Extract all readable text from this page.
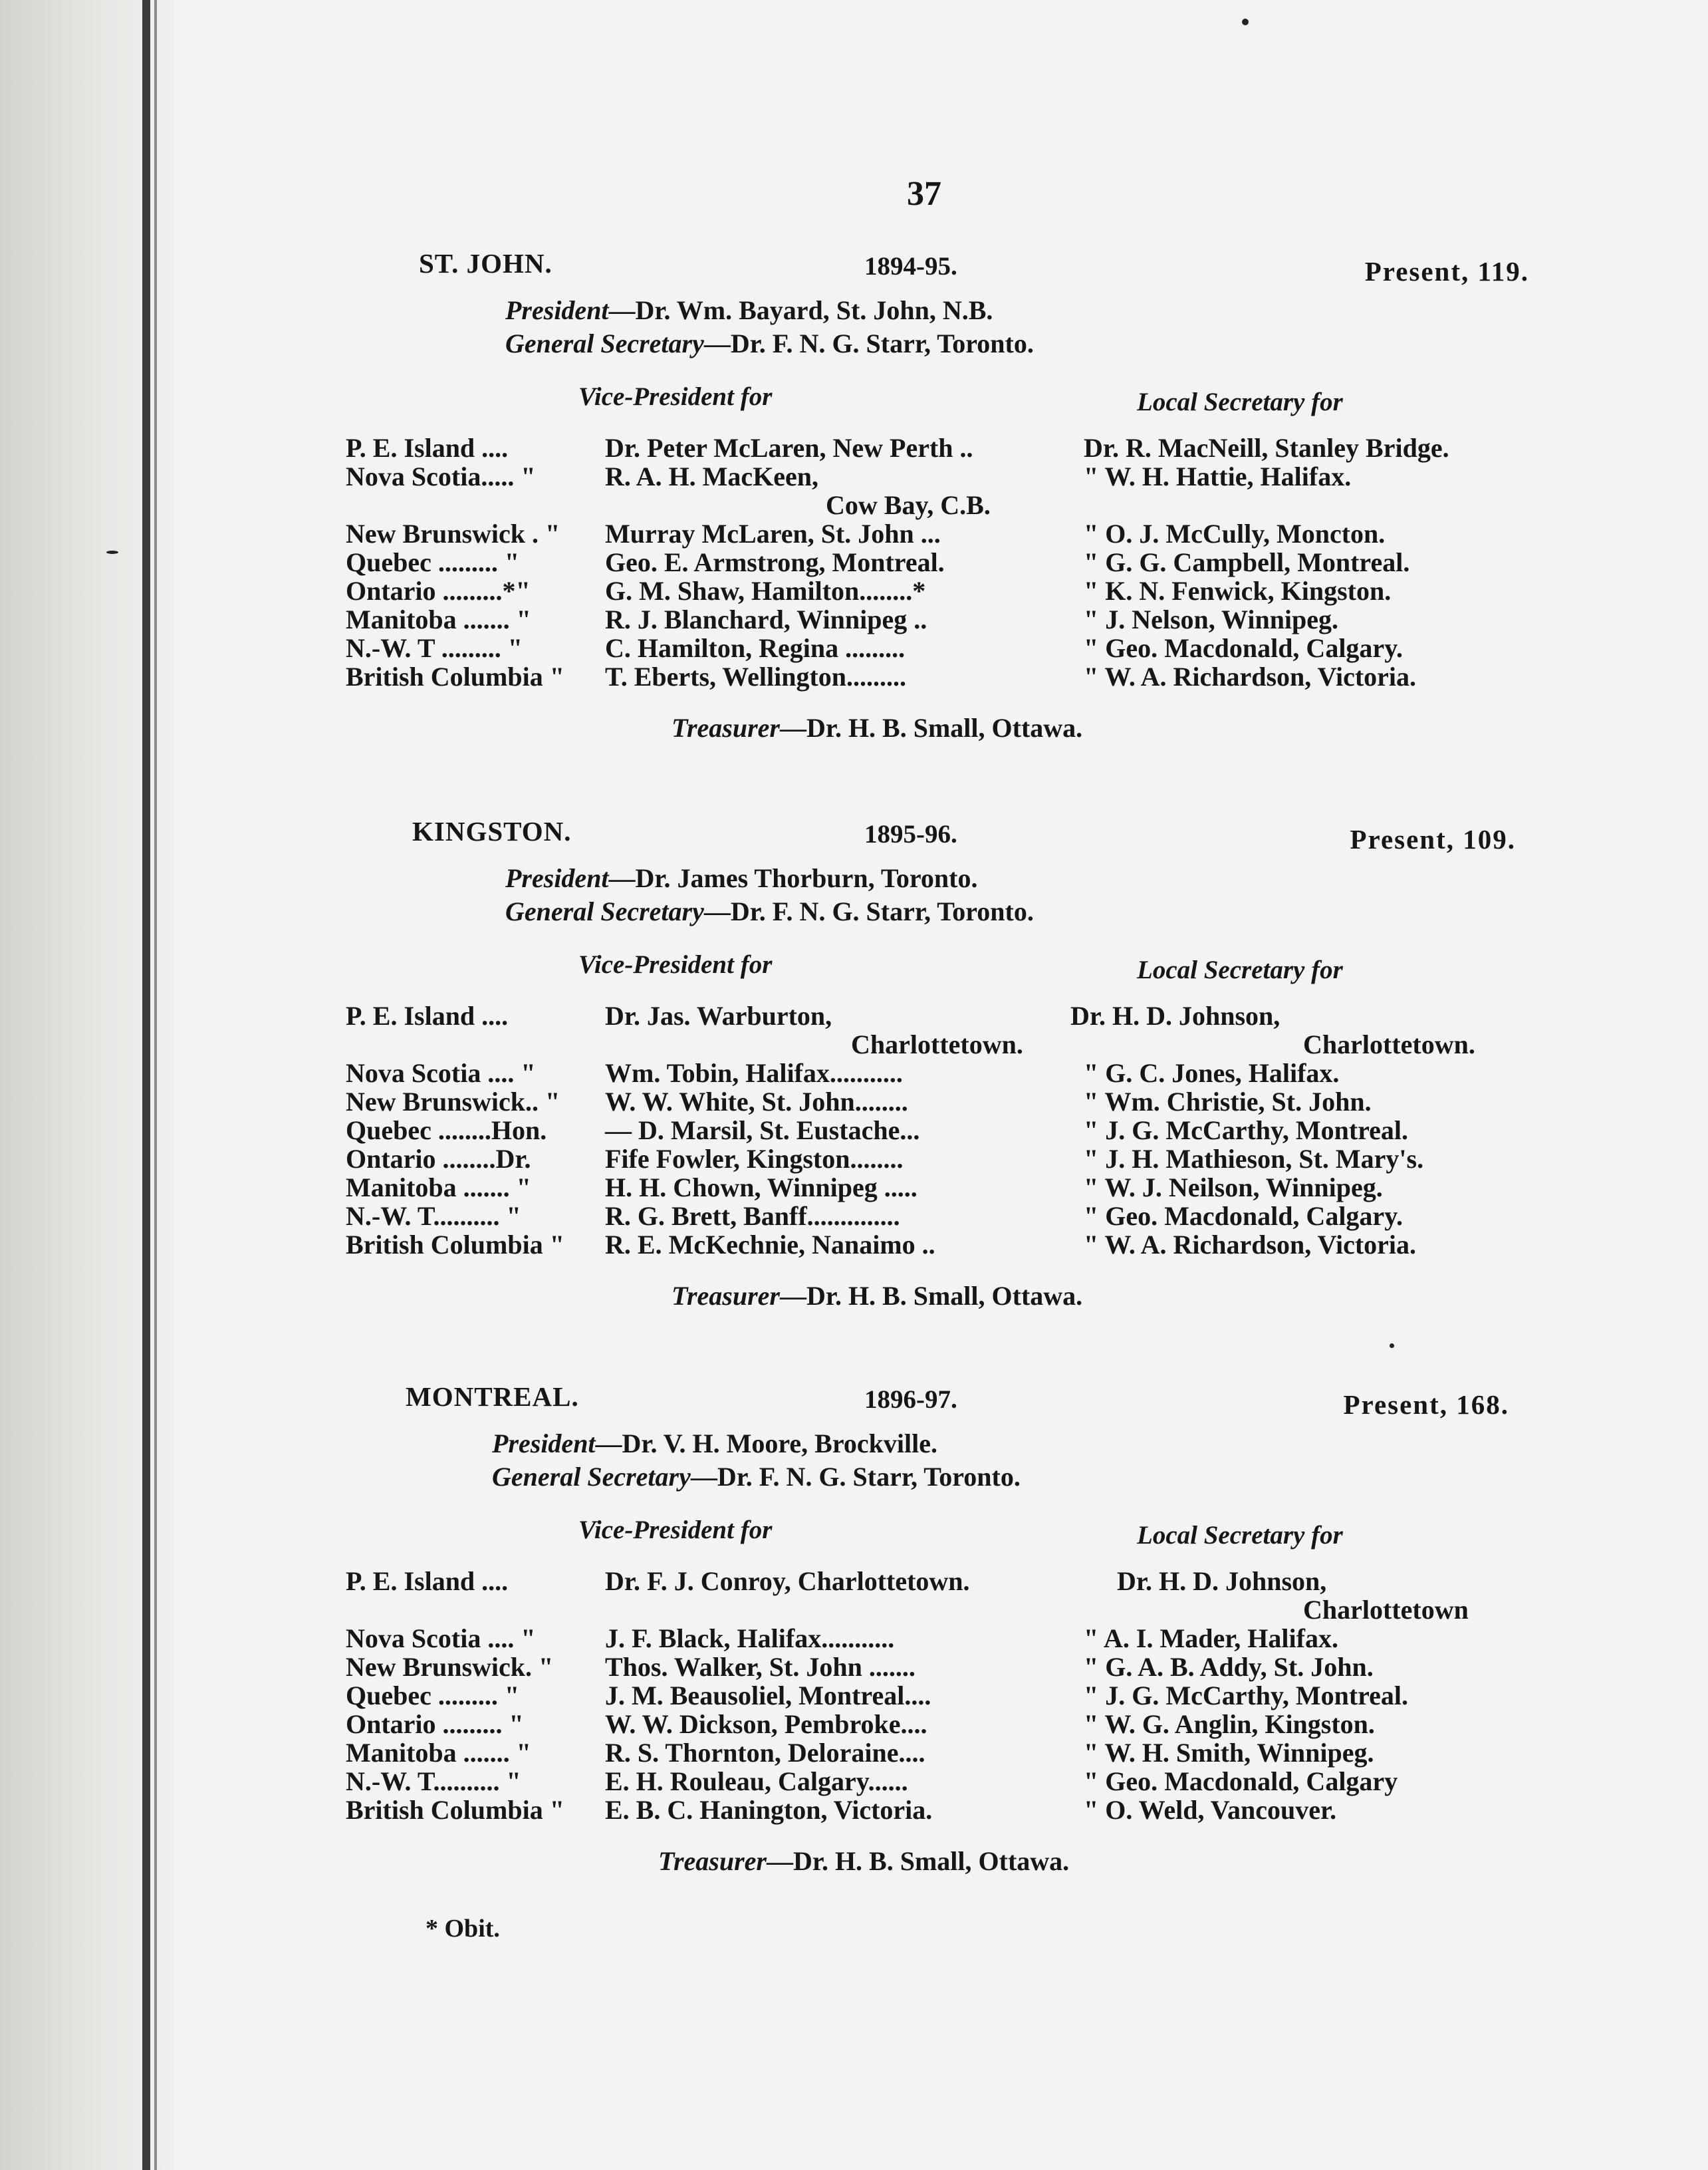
37
ST. JOHN.	1894-95.	Present, 119.
President—Dr. Wm. Bayard, St. John, N.B.
General Secretary—Dr. F. N. G. Starr, Toronto.
Vice-President for	Local Secretary for
P. E. Island ....	Dr. Peter McLaren, New Perth ..	Dr. R. MacNeill, Stanley Bridge.
Nova Scotia..... "	R. A. H. MacKeen,	" W. H. Hattie, Halifax.
Cow Bay, C.B.
New Brunswick . " Murray McLaren, St. John ...	" O. J. McCully, Moncton.
Quebec ......... "	Geo. E. Armstrong, Montreal.	" G. G. Campbell, Montreal.
Ontario .........*"	G. M. Shaw, Hamilton........*	" K. N. Fenwick, Kingston.
Manitoba ....... "	R. J. Blanchard, Winnipeg ..	" J. Nelson, Winnipeg.
N.-W. T ......... "	C. Hamilton, Regina .........	" Geo. Macdonald, Calgary.
British Columbia " T. Eberts, Wellington.........	" W. A. Richardson, Victoria.
Treasurer—Dr. H. B. Small, Ottawa.
KINGSTON.	1895-96.	Present, 109.
President—Dr. James Thorburn, Toronto.
General Secretary—Dr. F. N. G. Starr, Toronto.
Vice-President for	Local Secretary for
P. E. Island ....	Dr. Jas. Warburton,	Dr. H. D. Johnson,
Charlottetown.	Charlottetown.
Nova Scotia .... "	Wm. Tobin, Halifax...........	" G. C. Jones, Halifax.
New Brunswick.. " W. W. White, St. John........	" Wm. Christie, St. John.
Quebec ........Hon. — D. Marsil, St. Eustache...	" J. G. McCarthy, Montreal.
Ontario ........Dr.	Fife Fowler, Kingston........	" J. H. Mathieson, St. Mary's.
Manitoba ....... "	H. H. Chown, Winnipeg .....	" W. J. Neilson, Winnipeg.
N.-W. T.......... "	R. G. Brett, Banff..............	" Geo. Macdonald, Calgary.
British Columbia " R. E. McKechnie, Nanaimo ..	" W. A. Richardson, Victoria.
Treasurer—Dr. H. B. Small, Ottawa.
MONTREAL.	1896-97.	Present, 168.
President—Dr. V. H. Moore, Brockville.
General Secretary—Dr. F. N. G. Starr, Toronto.
Vice-President for	Local Secretary for
P. E. Island ....	Dr. F. J. Conroy, Charlottetown.	Dr. H. D. Johnson,
Charlottetown
Nova Scotia .... "	J. F. Black, Halifax...........	" A. I. Mader, Halifax.
New Brunswick. " Thos. Walker, St. John .......	" G. A. B. Addy, St. John.
Quebec ......... "	J. M. Beausoliel, Montreal....	" J. G. McCarthy, Montreal.
Ontario ......... "	W. W. Dickson, Pembroke....	" W. G. Anglin, Kingston.
Manitoba ....... "	R. S. Thornton, Deloraine....	" W. H. Smith, Winnipeg.
N.-W. T.......... "	E. H. Rouleau, Calgary......	" Geo. Macdonald, Calgary
British Columbia " E. B. C. Hanington, Victoria.	" O. Weld, Vancouver.
Treasurer—Dr. H. B. Small, Ottawa.
* Obit.
